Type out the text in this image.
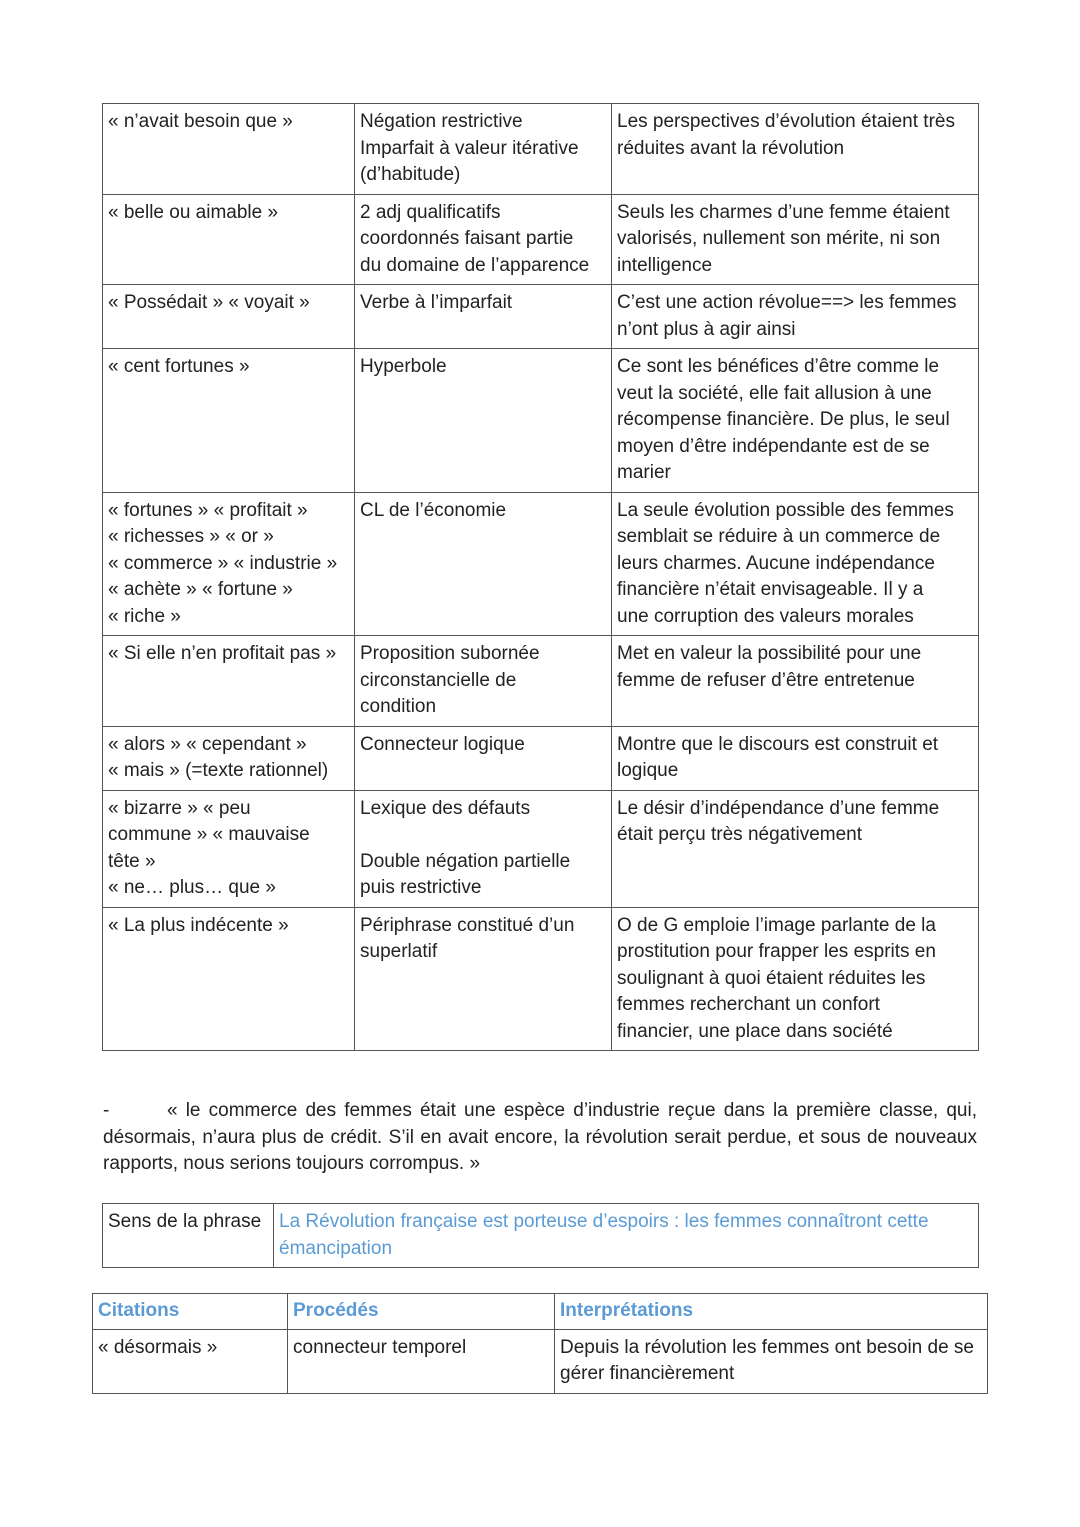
« n’avait besoin que »	Négation restrictive
Imparfait à valeur itérative
(d’habitude)	Les perspectives d’évolution étaient très
réduites avant la révolution

« belle ou aimable »	2 adj qualificatifs
coordonnés faisant partie
du domaine de l’apparence	Seuls les charmes d’une femme étaient
valorisés, nullement son mérite, ni son
intelligence

« Possédait » « voyait »	Verbe à l’imparfait	C’est une action révolue==> les femmes
n’ont plus à agir ainsi

« cent fortunes »	Hyperbole	Ce sont les bénéfices d’être comme le
veut la société, elle fait allusion à une
récompense financière. De plus, le seul
moyen d’être indépendante est de se
marier

« fortunes » « profitait »
« richesses » « or »
« commerce » « industrie »
« achète » « fortune »
« riche »	CL de l’économie	La seule évolution possible des femmes
semblait se réduire à un commerce de
leurs charmes. Aucune indépendance
financière n’était envisageable. Il y a
une corruption des valeurs morales

« Si elle n’en profitait pas »	Proposition subornée
circonstancielle de
condition	Met en valeur la possibilité pour une
femme de refuser d’être entretenue

« alors » « cependant »
« mais » (=texte rationnel)	Connecteur logique	Montre que le discours est construit et
logique

« bizarre » « peu
commune » « mauvaise
tête »
« ne… plus… que »	Lexique des défauts

Double négation partielle
puis restrictive	Le désir d’indépendance d’une femme
était perçu très négativement

« La plus indécente »	Périphrase constitué d’un
superlatif	O de G emploie l’image parlante de la
prostitution pour frapper les esprits en
soulignant à quoi étaient réduites les
femmes recherchant un confort
financier, une place dans société

-	« le commerce des femmes était une espèce d’industrie reçue dans la première classe, qui, désormais, n’aura plus de crédit. S’il en avait encore, la révolution serait perdue, et sous de nouveaux rapports, nous serions toujours corrompus. »

Sens de la phrase	La Révolution française est porteuse d’espoirs : les femmes connaîtront cette émancipation
Citations	Procédés	Interprétations
« désormais »	connecteur temporel	Depuis la révolution les femmes ont besoin de se gérer financièrement
